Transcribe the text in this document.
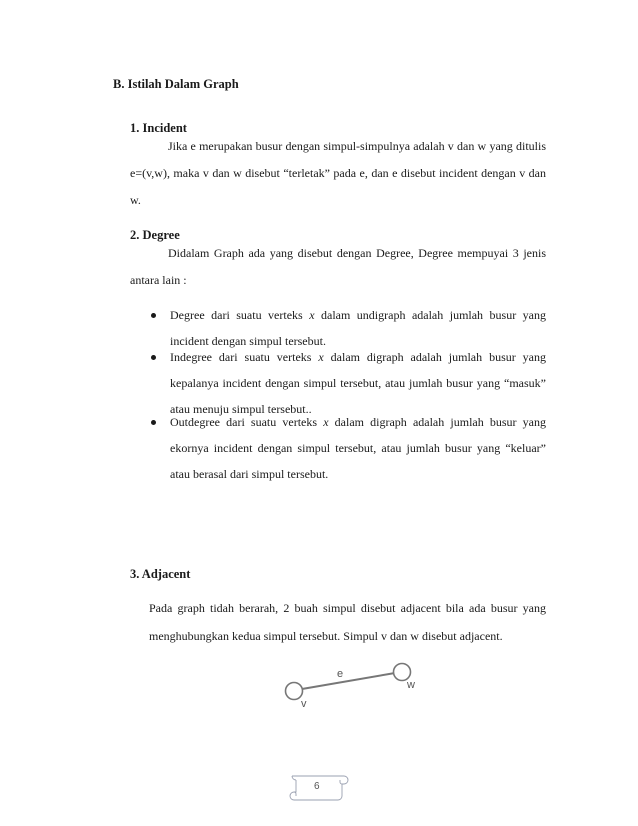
B. Istilah Dalam Graph
1. Incident
Jika e merupakan busur dengan simpul-simpulnya adalah v dan w yang ditulis e=(v,w), maka v dan w disebut “terletak” pada e, dan e disebut incident dengan v dan w.
2. Degree
Didalam Graph ada yang disebut dengan Degree, Degree mempuyai 3 jenis antara lain :
Degree dari suatu verteks x dalam undigraph adalah jumlah busur yang incident dengan simpul tersebut.
Indegree dari suatu verteks x dalam digraph adalah jumlah busur yang kepalanya incident dengan simpul tersebut, atau jumlah busur yang “masuk” atau menuju simpul tersebut..
Outdegree dari suatu verteks x dalam digraph adalah jumlah busur yang ekornya incident dengan simpul tersebut, atau jumlah busur yang “keluar” atau berasal dari simpul tersebut.
3. Adjacent
Pada graph tidah berarah, 2 buah simpul disebut adjacent bila ada busur yang menghubungkan kedua simpul tersebut. Simpul v dan w disebut adjacent.
e
v
w
6
